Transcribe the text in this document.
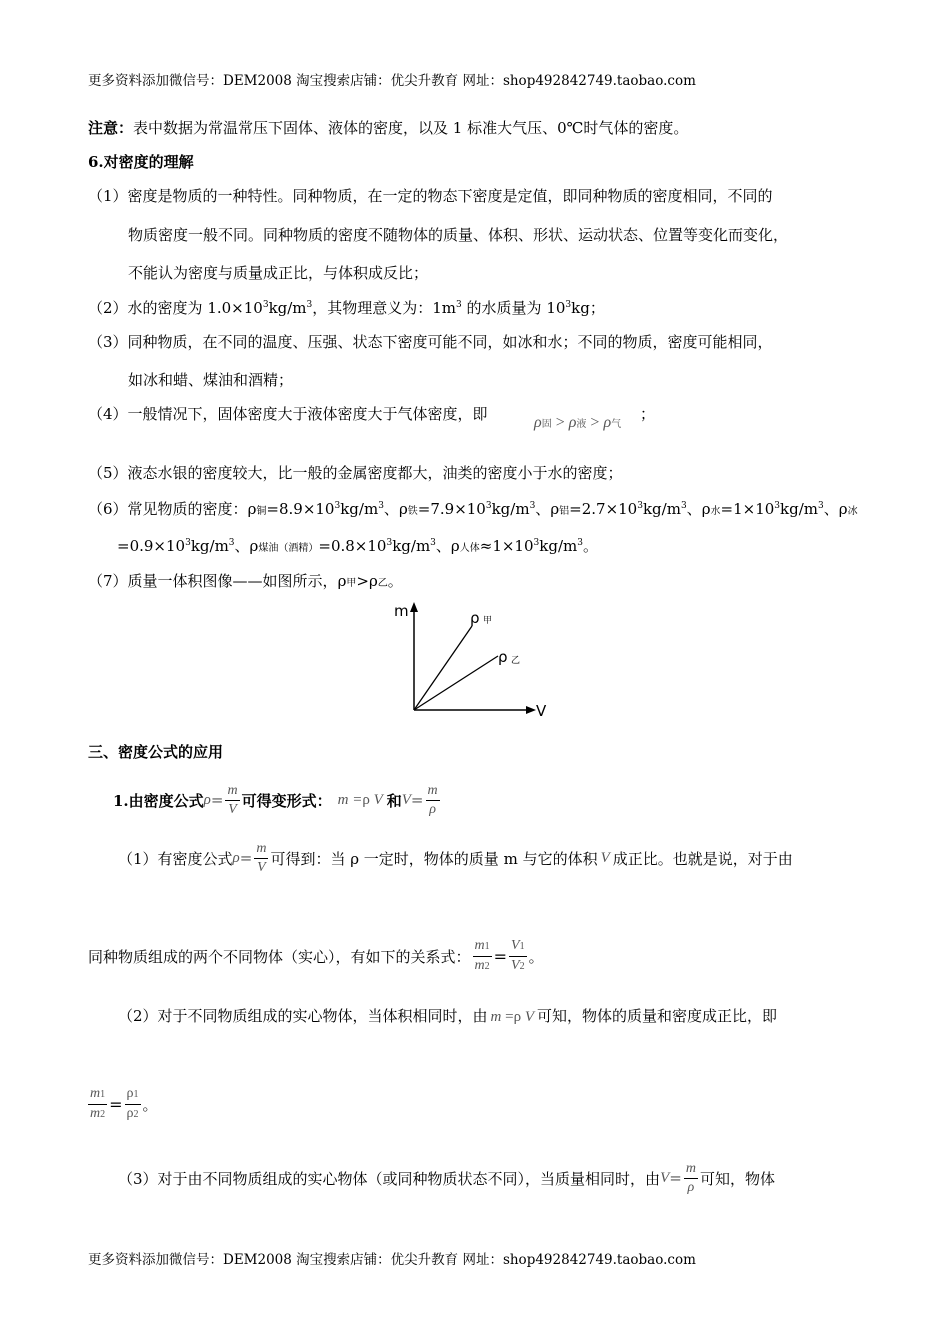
更多资料添加微信号：DEM2008 淘宝搜索店铺：优尖升教育 网址：shop492842749.taobao.com
注意：表中数据为常温常压下固体、液体的密度，以及 1 标准大气压、0℃时气体的密度。
6.对密度的理解
（1）密度是物质的一种特性。同种物质，在一定的物态下密度是定值，即同种物质的密度相同，不同的
物质密度一般不同。同种物质的密度不随物体的质量、体积、形状、运动状态、位置等变化而变化，
不能认为密度与质量成正比，与体积成反比；
（2）水的密度为 $1.0\times 10^3kg/m^3$，其物理意义为：$1m^3$ 的水质量为 $10^3kg$；
（3）同种物质，在不同的温度、压强、状态下密度可能不同，如冰和水；不同的物质，密度可能相同，
如冰和蜡、煤油和酒精；
（4）一般情况下，固体密度大于液体密度大于气体密度，即	ρ固 > ρ液 > ρ气
；
（5）液态水银的密度较大，比一般的金属密度都大，油类的密度小于水的密度；
（6）常见物质的密度：ρ铜$=8.9\times 10^3kg/m^3$、ρ铁$=7.9\times 10^3kg/m^3$、ρ铝$=2.7\times 10^3kg/m^3$、ρ水$=1\times 10^3kg/m^3$、ρ冰
$=0.9\times 10^3kg/m^3$、ρ煤油（酒精）$=0.8\times 10^3kg/m^3$、ρ人体$\approx 1\times 10^3kg/m^3$。
（7）质量一体积图像——如图所示，ρ甲>ρ乙。
m
V
ρ 甲
ρ 乙
三、密度公式的应用
1.由密度公式 $\rho = \frac{m}{V}$ 可得变形式： m =ρ V 和 $V = \frac{m}{\rho}$
（1）有密度公式 $\rho = \frac{m}{V}$ 可得到：当 ρ 一定时，物体的质量 m 与它的体积 V 成正比。也就是说，对于由
同种物质组成的两个不同物体（实心），有如下的关系式： $\frac{m1}{m2} = \frac{V1}{V2}$ 。
（2）对于不同物质组成的实心物体，当体积相同时，由 m =ρ V 可知，物体的质量和密度成正比，即
$\frac{m1}{m2} = \frac{\rho 1}{\rho 2}$ 。
（3）对于由不同物质组成的实心物体（或同种物质状态不同），当质量相同时，由 $V = \frac{m}{\rho}$ 可知，物体
更多资料添加微信号：DEM2008 淘宝搜索店铺：优尖升教育 网址：shop492842749.taobao.com
